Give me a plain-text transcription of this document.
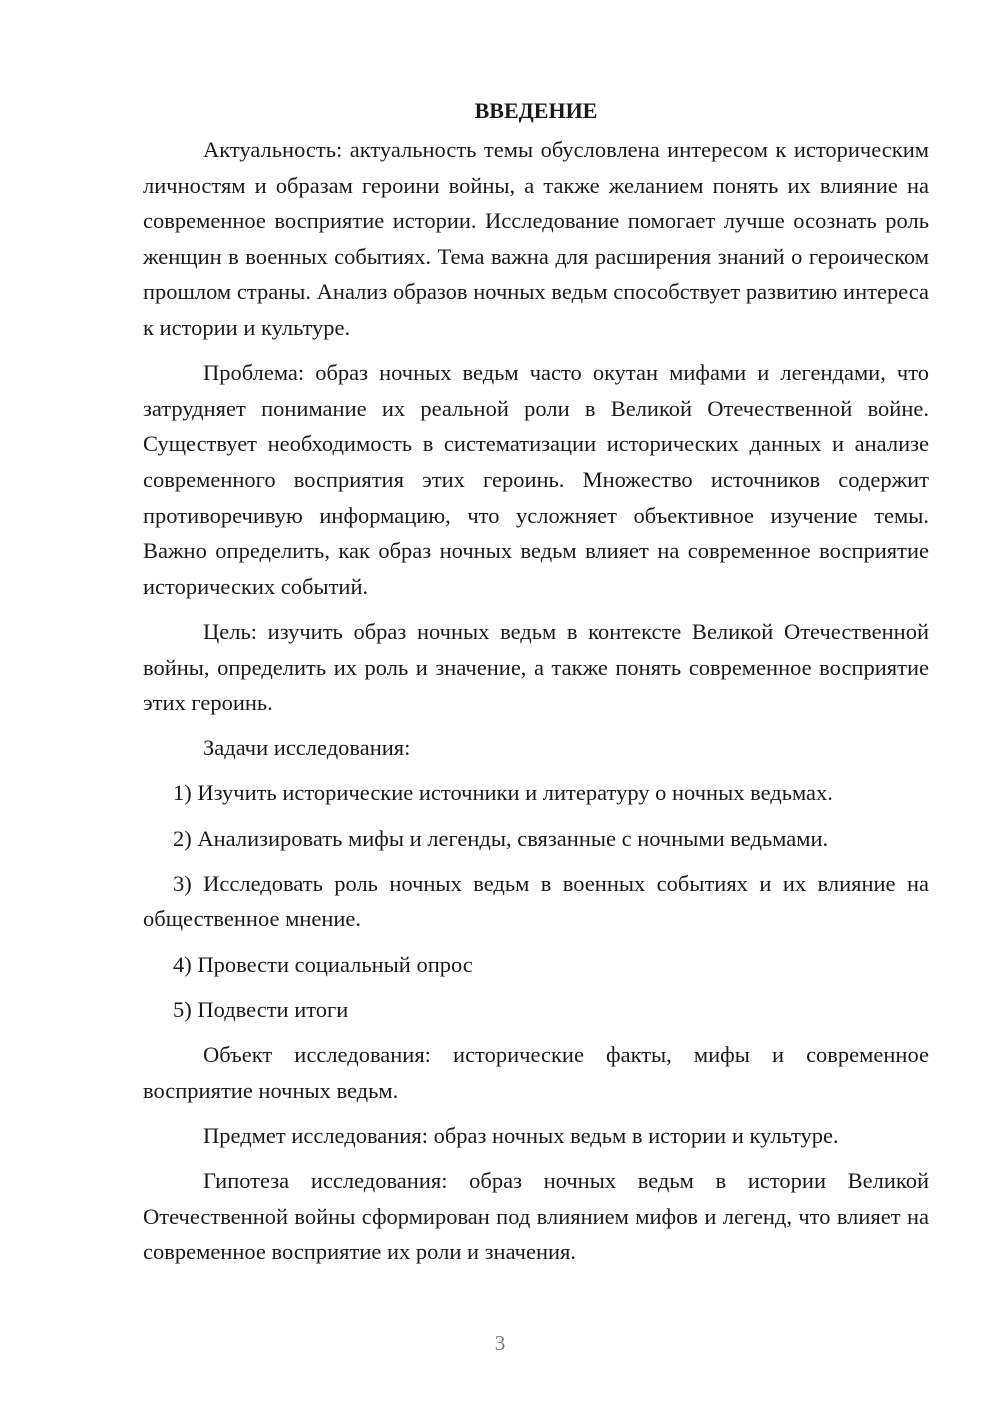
ВВЕДЕНИЕ

Актуальность: актуальность темы обусловлена интересом к историческим личностям и образам героини войны, а также желанием понять их влияние на современное восприятие истории. Исследование помогает лучше осознать роль женщин в военных событиях. Тема важна для расширения знаний о героическом прошлом страны. Анализ образов ночных ведьм способствует развитию интереса к истории и культуре.

Проблема: образ ночных ведьм часто окутан мифами и легендами, что затрудняет понимание их реальной роли в Великой Отечественной войне. Существует необходимость в систематизации исторических данных и анализе современного восприятия этих героинь. Множество источников содержит противоречивую информацию, что усложняет объективное изучение темы. Важно определить, как образ ночных ведьм влияет на современное восприятие исторических событий.

Цель: изучить образ ночных ведьм в контексте Великой Отечественной войны, определить их роль и значение, а также понять современное восприятие этих героинь.

Задачи исследования:

1) Изучить исторические источники и литературу о ночных ведьмах.

2) Анализировать мифы и легенды, связанные с ночными ведьмами.

3) Исследовать роль ночных ведьм в военных событиях и их влияние на общественное мнение.

4) Провести социальный опрос

5) Подвести итоги

Объект исследования: исторические факты, мифы и современное восприятие ночных ведьм.

Предмет исследования: образ ночных ведьм в истории и культуре.

Гипотеза исследования: образ ночных ведьм в истории Великой Отечественной войны сформирован под влиянием мифов и легенд, что влияет на современное восприятие их роли и значения.

3
